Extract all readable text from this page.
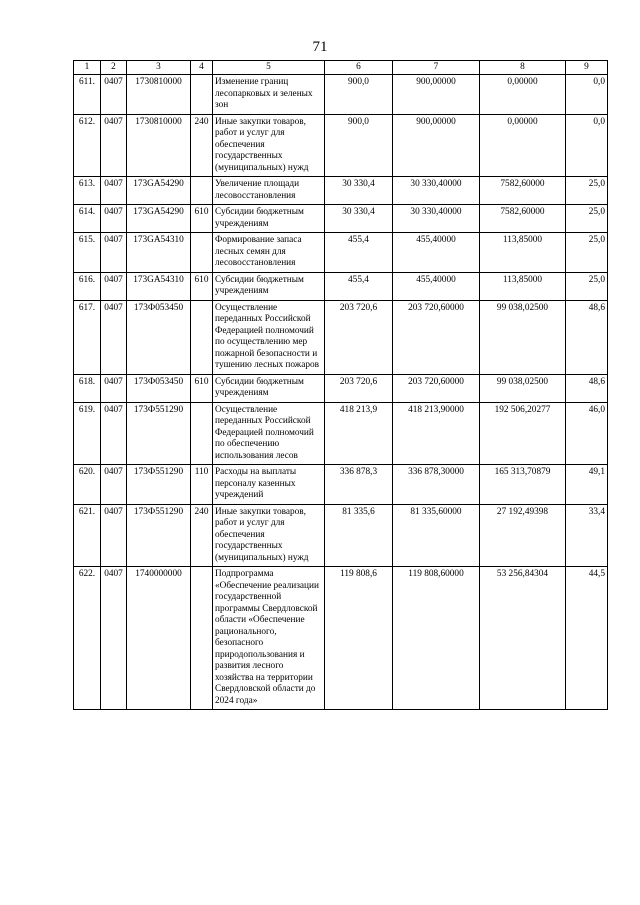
71
1	2	3	4	5	6	7	8	9
611.	0407	1730810000		Изменение границ лесопарковых и зеленых зон	900,0	900,00000	0,00000	0,0
612.	0407	1730810000	240	Иные закупки товаров, работ и услуг для обеспечения государственных (муниципальных) нужд	900,0	900,00000	0,00000	0,0
613.	0407	173GA54290		Увеличение площади лесовосстановления	30 330,4	30 330,40000	7582,60000	25,0
614.	0407	173GA54290	610	Субсидии бюджетным учреждениям	30 330,4	30 330,40000	7582,60000	25,0
615.	0407	173GA54310		Формирование запаса лесных семян для лесовосстановления	455,4	455,40000	113,85000	25,0
616.	0407	173GA54310	610	Субсидии бюджетным учреждениям	455,4	455,40000	113,85000	25,0
617.	0407	173Ф053450		Осуществление переданных Российской Федерацией полномочий по осуществлению мер пожарной безопасности и тушению лесных пожаров	203 720,6	203 720,60000	99 038,02500	48,6
618.	0407	173Ф053450	610	Субсидии бюджетным учреждениям	203 720,6	203 720,60000	99 038,02500	48,6
619.	0407	173Ф551290		Осуществление переданных Российской Федерацией полномочий по обеспечению использования лесов	418 213,9	418 213,90000	192 506,20277	46,0
620.	0407	173Ф551290	110	Расходы на выплаты персоналу казенных учреждений	336 878,3	336 878,30000	165 313,70879	49,1
621.	0407	173Ф551290	240	Иные закупки товаров, работ и услуг для обеспечения государственных (муниципальных) нужд	81 335,6	81 335,60000	27 192,49398	33,4
622.	0407	1740000000		Подпрограмма «Обеспечение реализации государственной программы Свердловской области «Обеспечение рационального, безопасного природопользования и развития лесного хозяйства на территории Свердловской области до 2024 года»	119 808,6	119 808,60000	53 256,84304	44,5
